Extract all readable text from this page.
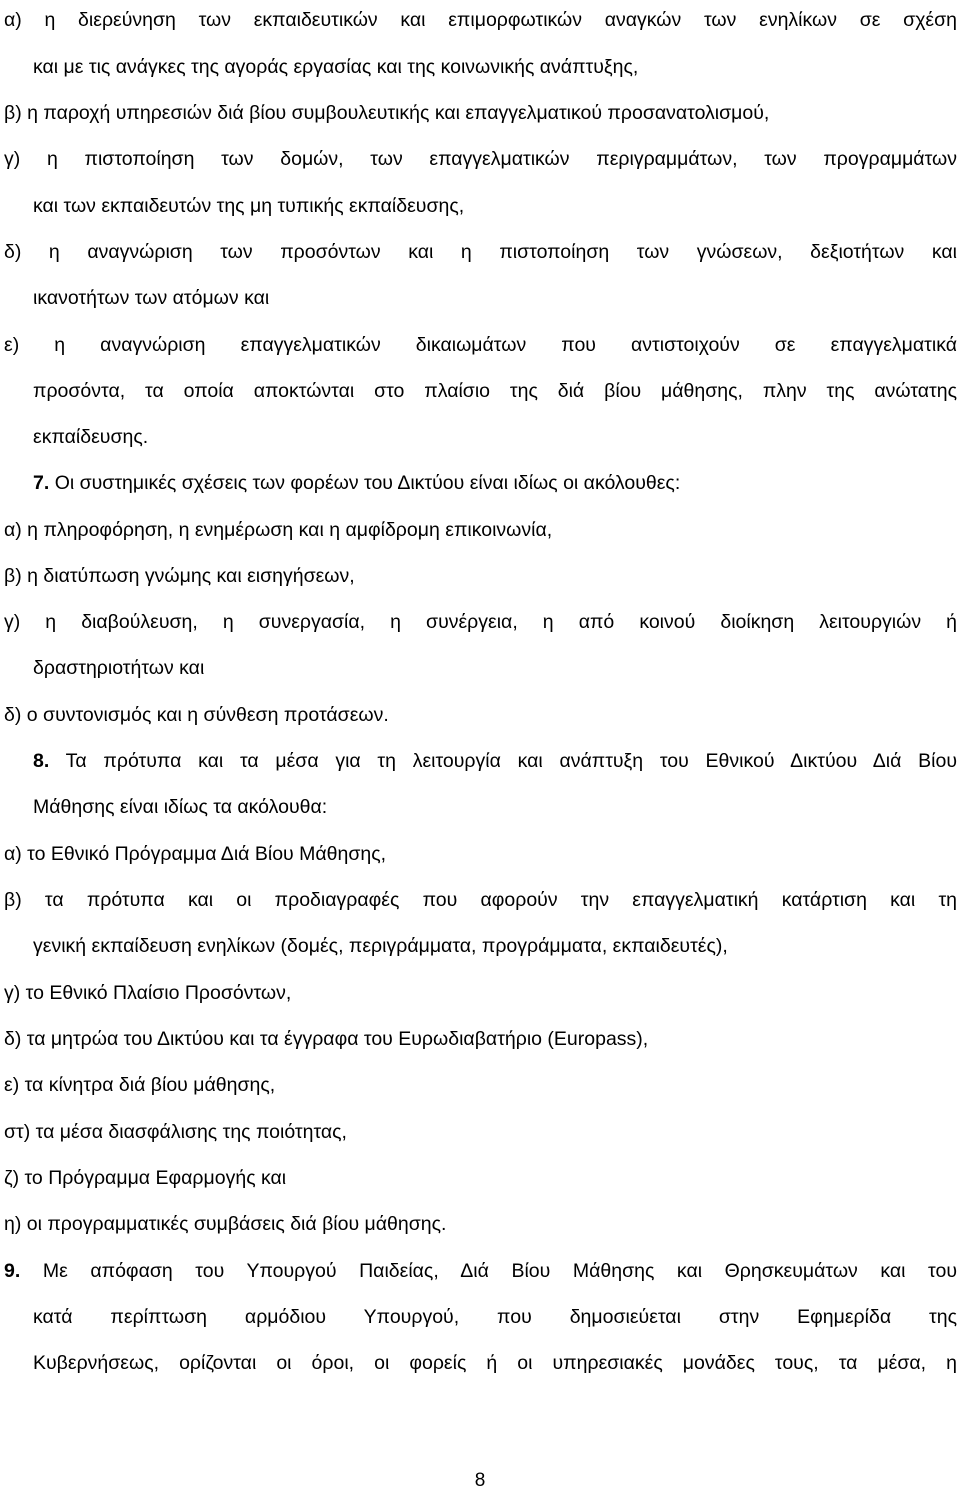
α) η διερεύνηση των εκπαιδευτικών και επιμορφωτικών αναγκών των ενηλίκων σε σχέση

και με τις ανάγκες της αγοράς εργασίας και της κοινωνικής ανάπτυξης,

β) η παροχή υπηρεσιών διά βίου συμβουλευτικής και επαγγελματικού προσανατολισμού,

γ) η πιστοποίηση των δομών, των επαγγελματικών περιγραμμάτων, των προγραμμάτων

και των εκπαιδευτών της μη τυπικής εκπαίδευσης,

δ) η αναγνώριση των προσόντων και η πιστοποίηση των γνώσεων, δεξιοτήτων και

ικανοτήτων των ατόμων και

ε) η αναγνώριση επαγγελματικών δικαιωμάτων που αντιστοιχούν σε επαγγελματικά

προσόντα, τα οποία αποκτώνται στο πλαίσιο της διά βίου μάθησης, πλην της ανώτατης

εκπαίδευσης.

7. Οι συστημικές σχέσεις των φορέων του Δικτύου είναι ιδίως οι ακόλουθες:

α) η πληροφόρηση, η ενημέρωση και η αμφίδρομη επικοινωνία,

β) η διατύπωση γνώμης και εισηγήσεων,

γ) η διαβούλευση, η συνεργασία, η συνέργεια, η από κοινού διοίκηση λειτουργιών ή

δραστηριοτήτων και

δ) ο συντονισμός και η σύνθεση προτάσεων.

8. Τα πρότυπα και τα μέσα για τη λειτουργία και ανάπτυξη του Εθνικού Δικτύου Διά Βίου

Μάθησης είναι ιδίως τα ακόλουθα:

α) το Εθνικό Πρόγραμμα Διά Βίου Μάθησης,

β) τα πρότυπα και οι προδιαγραφές που αφορούν την επαγγελματική κατάρτιση και τη

γενική εκπαίδευση ενηλίκων (δομές, περιγράμματα, προγράμματα, εκπαιδευτές),

γ) το Εθνικό Πλαίσιο Προσόντων,

δ) τα μητρώα του Δικτύου και τα έγγραφα του Ευρωδιαβατήριο (Europass),

ε) τα κίνητρα διά βίου μάθησης,

στ) τα μέσα διασφάλισης της ποιότητας,

ζ) το Πρόγραμμα Εφαρμογής και

η) οι προγραμματικές συμβάσεις διά βίου μάθησης.

9. Με απόφαση του Υπουργού Παιδείας, Διά Βίου Μάθησης και Θρησκευμάτων και του

κατά περίπτωση αρμόδιου Υπουργού, που δημοσιεύεται στην Εφημερίδα της

Κυβερνήσεως, ορίζονται οι όροι, οι φορείς ή οι υπηρεσιακές μονάδες τους, τα μέσα, η

8
